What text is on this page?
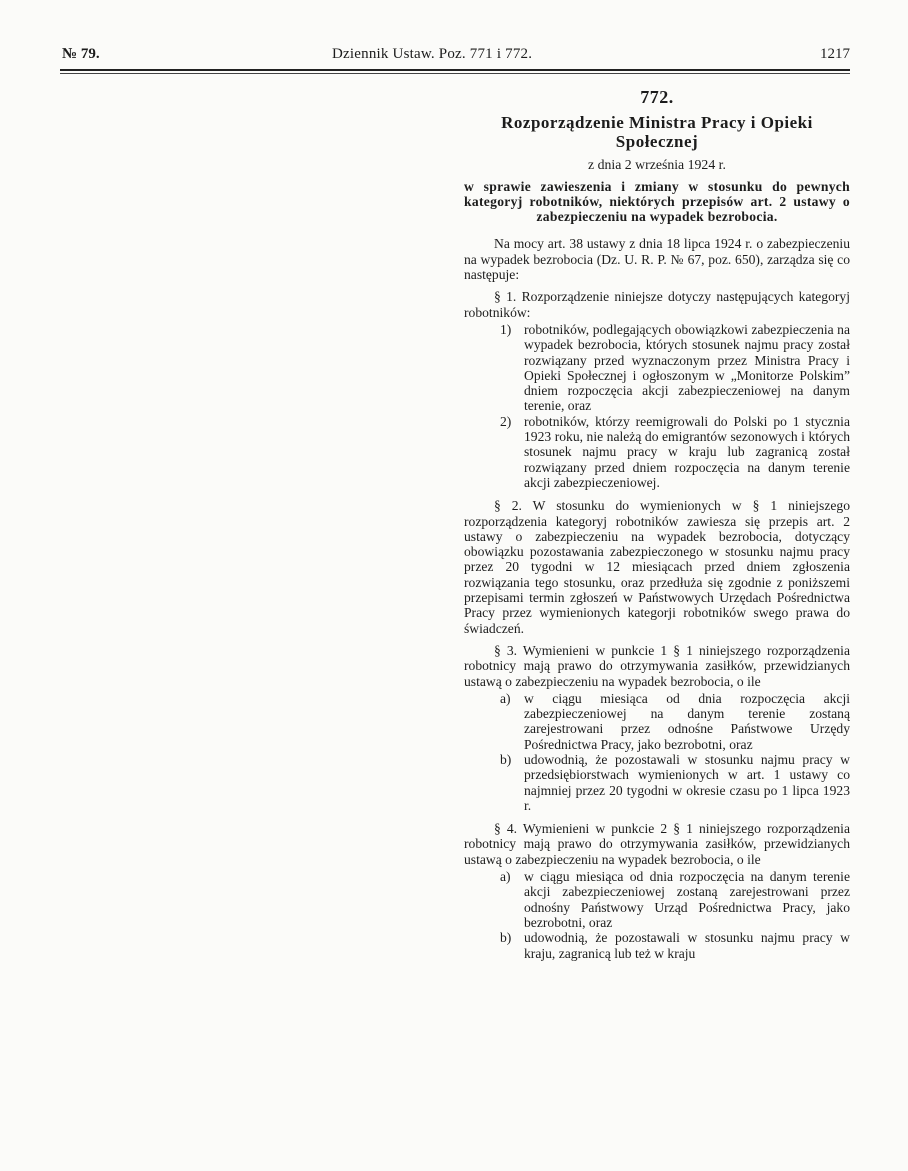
№ 79.	Dziennik Ustaw. Poz. 771 i 772.	1217
772.
Rozporządzenie Ministra Pracy i Opieki
Społecznej
z dnia 2 września 1924 r.
w sprawie zawieszenia i zmiany w stosunku do pewnych kategoryj robotników, niektórych przepisów art. 2 ustawy o zabezpieczeniu na wypadek bezrobocia.

Na mocy art. 38 ustawy z dnia 18 lipca 1924 r. o zabezpieczeniu na wypadek bezrobocia (Dz. U. R. P. № 67, poz. 650), zarządza się co następuje:

§ 1. Rozporządzenie niniejsze dotyczy następujących kategoryj robotników:

1) robotników, podlegających obowiązkowi zabezpieczenia na wypadek bezrobocia, których stosunek najmu pracy został rozwiązany przed wyznaczonym przez Ministra Pracy i Opieki Społecznej i ogłoszonym w „Monitorze Polskim” dniem rozpoczęcia akcji zabezpieczeniowej na danym terenie, oraz
2) robotników, którzy reemigrowali do Polski po 1 stycznia 1923 roku, nie należą do emigrantów sezonowych i których stosunek najmu pracy w kraju lub zagranicą został rozwiązany przed dniem rozpoczęcia na danym terenie akcji zabezpieczeniowej.

§ 2. W stosunku do wymienionych w § 1 niniejszego rozporządzenia kategoryj robotników zawiesza się przepis art. 2 ustawy o zabezpieczeniu na wypadek bezrobocia, dotyczący obowiązku pozostawania zabezpieczonego w stosunku najmu pracy przez 20 tygodni w 12 miesiącach przed dniem zgłoszenia rozwiązania tego stosunku, oraz przedłuża się zgodnie z poniższemi przepisami termin zgłoszeń w Państwowych Urzędach Pośrednictwa Pracy przez wymienionych kategorji robotników swego prawa do świadczeń.

§ 3. Wymienieni w punkcie 1 § 1 niniejszego rozporządzenia robotnicy mają prawo do otrzymywania zasiłków, przewidzianych ustawą o zabezpieczeniu na wypadek bezrobocia, o ile

a) w ciągu miesiąca od dnia rozpoczęcia akcji zabezpieczeniowej na danym terenie zostaną zarejestrowani przez odnośne Państwowe Urzędy Pośrednictwa Pracy, jako bezrobotni, oraz
b) udowodnią, że pozostawali w stosunku najmu pracy w przedsiębiorstwach wymienionych w art. 1 ustawy co najmniej przez 20 tygodni w okresie czasu po 1 lipca 1923 r.

§ 4. Wymienieni w punkcie 2 § 1 niniejszego rozporządzenia robotnicy mają prawo do otrzymywania zasiłków, przewidzianych ustawą o zabezpieczeniu na wypadek bezrobocia, o ile

a) w ciągu miesiąca od dnia rozpoczęcia na danym terenie akcji zabezpieczeniowej zostaną zarejestrowani przez odnośny Państwowy Urząd Pośrednictwa Pracy, jako bezrobotni, oraz
b) udowodnią, że pozostawali w stosunku najmu pracy w kraju, zagranicą lub też w kraju
